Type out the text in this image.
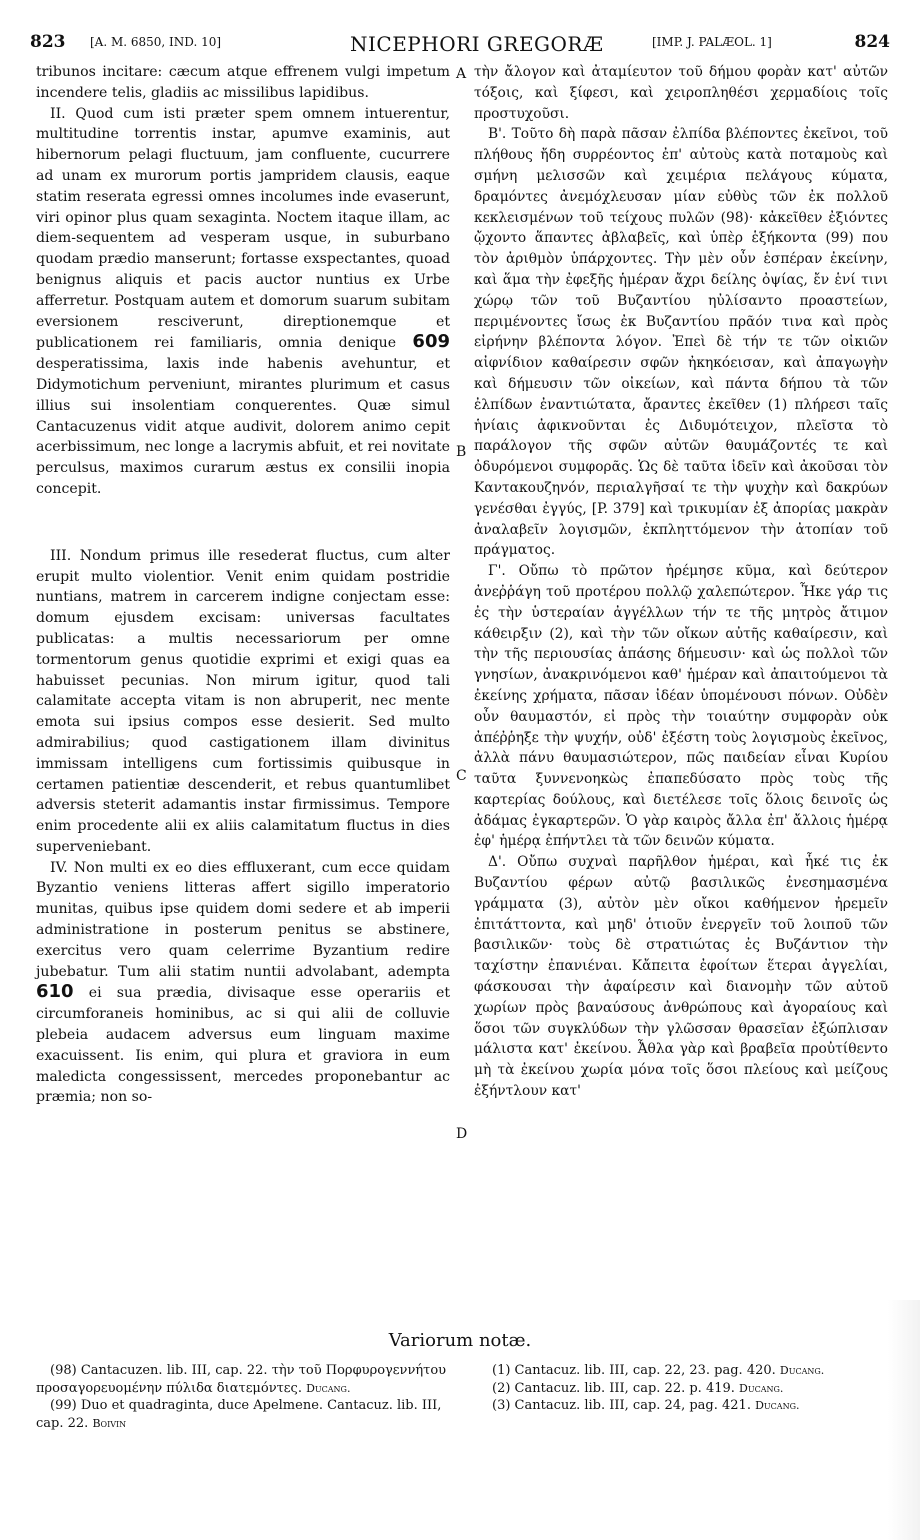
823 [A. M. 6850, IND. 10]	NICEPHORI GREGORÆ	[IMP. J. PALÆOL. 1]	824
A
B
C
D

tribunos incitare: cæcum atque effrenem vulgi impetum incendere telis, gladiis ac missilibus lapidibus.

II. Quod cum isti præter spem omnem intuerentur, multitudine torrentis instar, apumve examinis, aut hibernorum pelagi fluctuum, jam confluente, cucurrere ad unam ex murorum portis jampridem clausis, eaque statim reserata egressi omnes incolumes inde evaserunt, viri opinor plus quam sexaginta. Noctem itaque illam, ac diem-sequentem ad vesperam usque, in suburbano quodam prædio manserunt; fortasse exspectantes, quoad benignus aliquis et pacis auctor nuntius ex Urbe afferretur. Postquam autem et domorum suarum subitam eversionem resciverunt, direptionemque et publicationem rei familiaris, omnia denique 609 desperatissima, laxis inde habenis avehuntur, et Didymotichum perveniunt, mirantes plurimum et casus illius sui insolentiam conquerentes. Quæ simul Cantacuzenus vidit atque audivit, dolorem animo cepit acerbissimum, nec longe a lacrymis abfuit, et rei novitate perculsus, maximos curarum æstus ex consilii inopia concepit.

III. Nondum primus ille resederat fluctus, cum alter erupit multo violentior. Venit enim quidam postridie nuntians, matrem in carcerem indigne conjectam esse: domum ejusdem excisam: universas facultates publicatas: a multis necessariorum per omne tormentorum genus quotidie exprimi et exigi quas ea habuisset pecunias. Non mirum igitur, quod tali calamitate accepta vitam is non abruperit, nec mente emota sui ipsius compos esse desierit. Sed multo admirabilius; quod castigationem illam divinitus immissam intelligens cum fortissimis quibusque in certamen patientiæ descenderit, et rebus quantumlibet adversis steterit adamantis instar firmissimus. Tempore enim procedente alii ex aliis calamitatum fluctus in dies superveniebant.

IV. Non multi ex eo dies effluxerant, cum ecce quidam Byzantio veniens litteras affert sigillo imperatorio munitas, quibus ipse quidem domi sedere et ab imperii administratione in posterum penitus se abstinere, exercitus vero quam celerrime Byzantium redire jubebatur. Tum alii statim nuntii advolabant, adempta 610 ei sua prædia, divisaque esse operariis et circumforaneis hominibus, ac si qui alii de colluvie plebeia audacem adversus eum linguam maxime exacuissent. Iis enim, qui plura et graviora in eum maledicta congessissent, mercedes proponebantur ac præmia; non so-

τὴν ἄλογον καὶ ἀταμίευτον τοῦ δήμου φορὰν κατ' αὐτῶν τόξοις, καὶ ξίφεσι, καὶ χειροπληθέσι χερμαδίοις τοῖς προστυχοῦσι.

Β'. Τοῦτο δὴ παρὰ πᾶσαν ἐλπίδα βλέποντες ἐκεῖνοι, τοῦ πλήθους ἤδη συρρέοντος ἐπ' αὐτοὺς κατὰ ποταμοὺς καὶ σμήνη μελισσῶν καὶ χειμέρια πελάγους κύματα, δραμόντες ἀνεμόχλευσαν μίαν εὐθὺς τῶν ἐκ πολλοῦ κεκλεισμένων τοῦ τείχους πυλῶν (98)· κἀκεῖθεν ἐξιόντες ᾤχοντο ἅπαντες ἀβλαβεῖς, καὶ ὑπὲρ ἑξήκοντα (99) που τὸν ἀριθμὸν ὑπάρχοντες. Τὴν μὲν οὖν ἑσπέραν ἐκείνην, καὶ ἅμα τὴν ἐφεξῆς ἡμέραν ἄχρι δείλης ὀψίας, ἔν ἑνί τινι χώρῳ τῶν τοῦ Βυζαντίου ηὐλίσαντο προαστείων, περιμένοντες ἴσως ἐκ Βυζαντίου πρᾶόν τινα καὶ πρὸς εἰρήνην βλέποντα λόγον. Ἐπεὶ δὲ τήν τε τῶν οἰκιῶν αἰφνίδιον καθαίρεσιν σφῶν ἠκηκόεισαν, καὶ ἀπαγωγὴν καὶ δήμευσιν τῶν οἰκείων, καὶ πάντα δήπου τὰ τῶν ἐλπίδων ἐναντιώτατα, ἄραντες ἐκεῖθεν (1) πλήρεσι ταῖς ἡνίαις ἀφικνοῦνται ἐς Διδυμότειχον, πλεῖστα τὸ παράλογον τῆς σφῶν αὐτῶν θαυμάζοντές τε καὶ ὀδυρόμενοι συμφορᾶς. Ὡς δὲ ταῦτα ἰδεῖν καὶ ἀκοῦσαι τὸν Καντακουζηνόν, περιαλγῆσαί τε τὴν ψυχὴν καὶ δακρύων γενέσθαι ἐγγύς, [P. 379] καὶ τρικυμίαν ἐξ ἀπορίας μακρὰν ἀναλαβεῖν λογισμῶν, ἐκπληττόμενον τὴν ἀτοπίαν τοῦ πράγματος.

Γ'. Οὔπω τὸ πρῶτον ἠρέμησε κῦμα, καὶ δεύτερον ἀνεῤῥάγη τοῦ προτέρου πολλῷ χαλεπώτερον. Ἧκε γάρ τις ἐς τὴν ὑστεραίαν ἀγγέλλων τήν τε τῆς μητρὸς ἄτιμον κάθειρξιν (2), καὶ τὴν τῶν οἴκων αὐτῆς καθαίρεσιν, καὶ τὴν τῆς περιουσίας ἁπάσης δήμευσιν· καὶ ὡς πολλοὶ τῶν γνησίων, ἀνακρινόμενοι καθ' ἡμέραν καὶ ἀπαιτούμενοι τὰ ἐκείνης χρήματα, πᾶσαν ἰδέαν ὑπομένουσι πόνων. Οὐδὲν οὖν θαυμαστόν, εἰ πρὸς τὴν τοιαύτην συμφορὰν οὐκ ἀπέῤῥηξε τὴν ψυχήν, οὐδ' ἐξέστη τοὺς λογισμοὺς ἐκεῖνος, ἀλλὰ πάνυ θαυμασιώτερον, πῶς παιδείαν εἶναι Κυρίου ταῦτα ξυννενοηκὼς ἐπαπεδύσατο πρὸς τοὺς τῆς καρτερίας δούλους, καὶ διετέλεσε τοῖς ὅλοις δεινοῖς ὡς ἀδάμας ἐγκαρτερῶν. Ὁ γὰρ καιρὸς ἄλλα ἐπ' ἄλλοις ἡμέρᾳ ἐφ' ἡμέρᾳ ἐπήντλει τὰ τῶν δεινῶν κύματα.

Δ'. Οὔπω συχναὶ παρῆλθον ἡμέραι, καὶ ἧκέ τις ἐκ Βυζαντίου φέρων αὐτῷ βασιλικῶς ἐνεσημασμένα γράμματα (3), αὐτὸν μὲν οἴκοι καθήμενον ἠρεμεῖν ἐπιτάττοντα, καὶ μηδ' ὁτιοῦν ἐνεργεῖν τοῦ λοιποῦ τῶν βασιλικῶν· τοὺς δὲ στρατιώτας ἐς Βυζάντιον τὴν ταχίστην ἐπανιέναι. Κἄπειτα ἐφοίτων ἕτεραι ἀγγελίαι, φάσκουσαι τὴν ἀφαίρεσιν καὶ διανομὴν τῶν αὐτοῦ χωρίων πρὸς βαναύσους ἀνθρώπους καὶ ἀγοραίους καὶ ὅσοι τῶν συγκλύδων τὴν γλῶσσαν θρασεῖαν ἐξώπλισαν μάλιστα κατ' ἐκείνου. Ἆθλα γὰρ καὶ βραβεῖα προὐτίθεντο μὴ τὰ ἐκείνου χωρία μόνα τοῖς ὅσοι πλείους καὶ μείζους ἐξήντλουν κατ'

Variorum notæ.

(98) Cantacuzen. lib. III, cap. 22. τὴν τοῦ Πορφυρογεννήτου προσαγορευομένην πύλιδα διατεμόντες. Ducang.

(99) Duo et quadraginta, duce Apelmene. Cantacuz. lib. III, cap. 22. Boivin

(1) Cantacuz. lib. III, cap. 22, 23. pag. 420. Ducang.

(2) Cantacuz. lib. III, cap. 22. p. 419. Ducang.

(3) Cantacuz. lib. III, cap. 24, pag. 421. Ducang.
